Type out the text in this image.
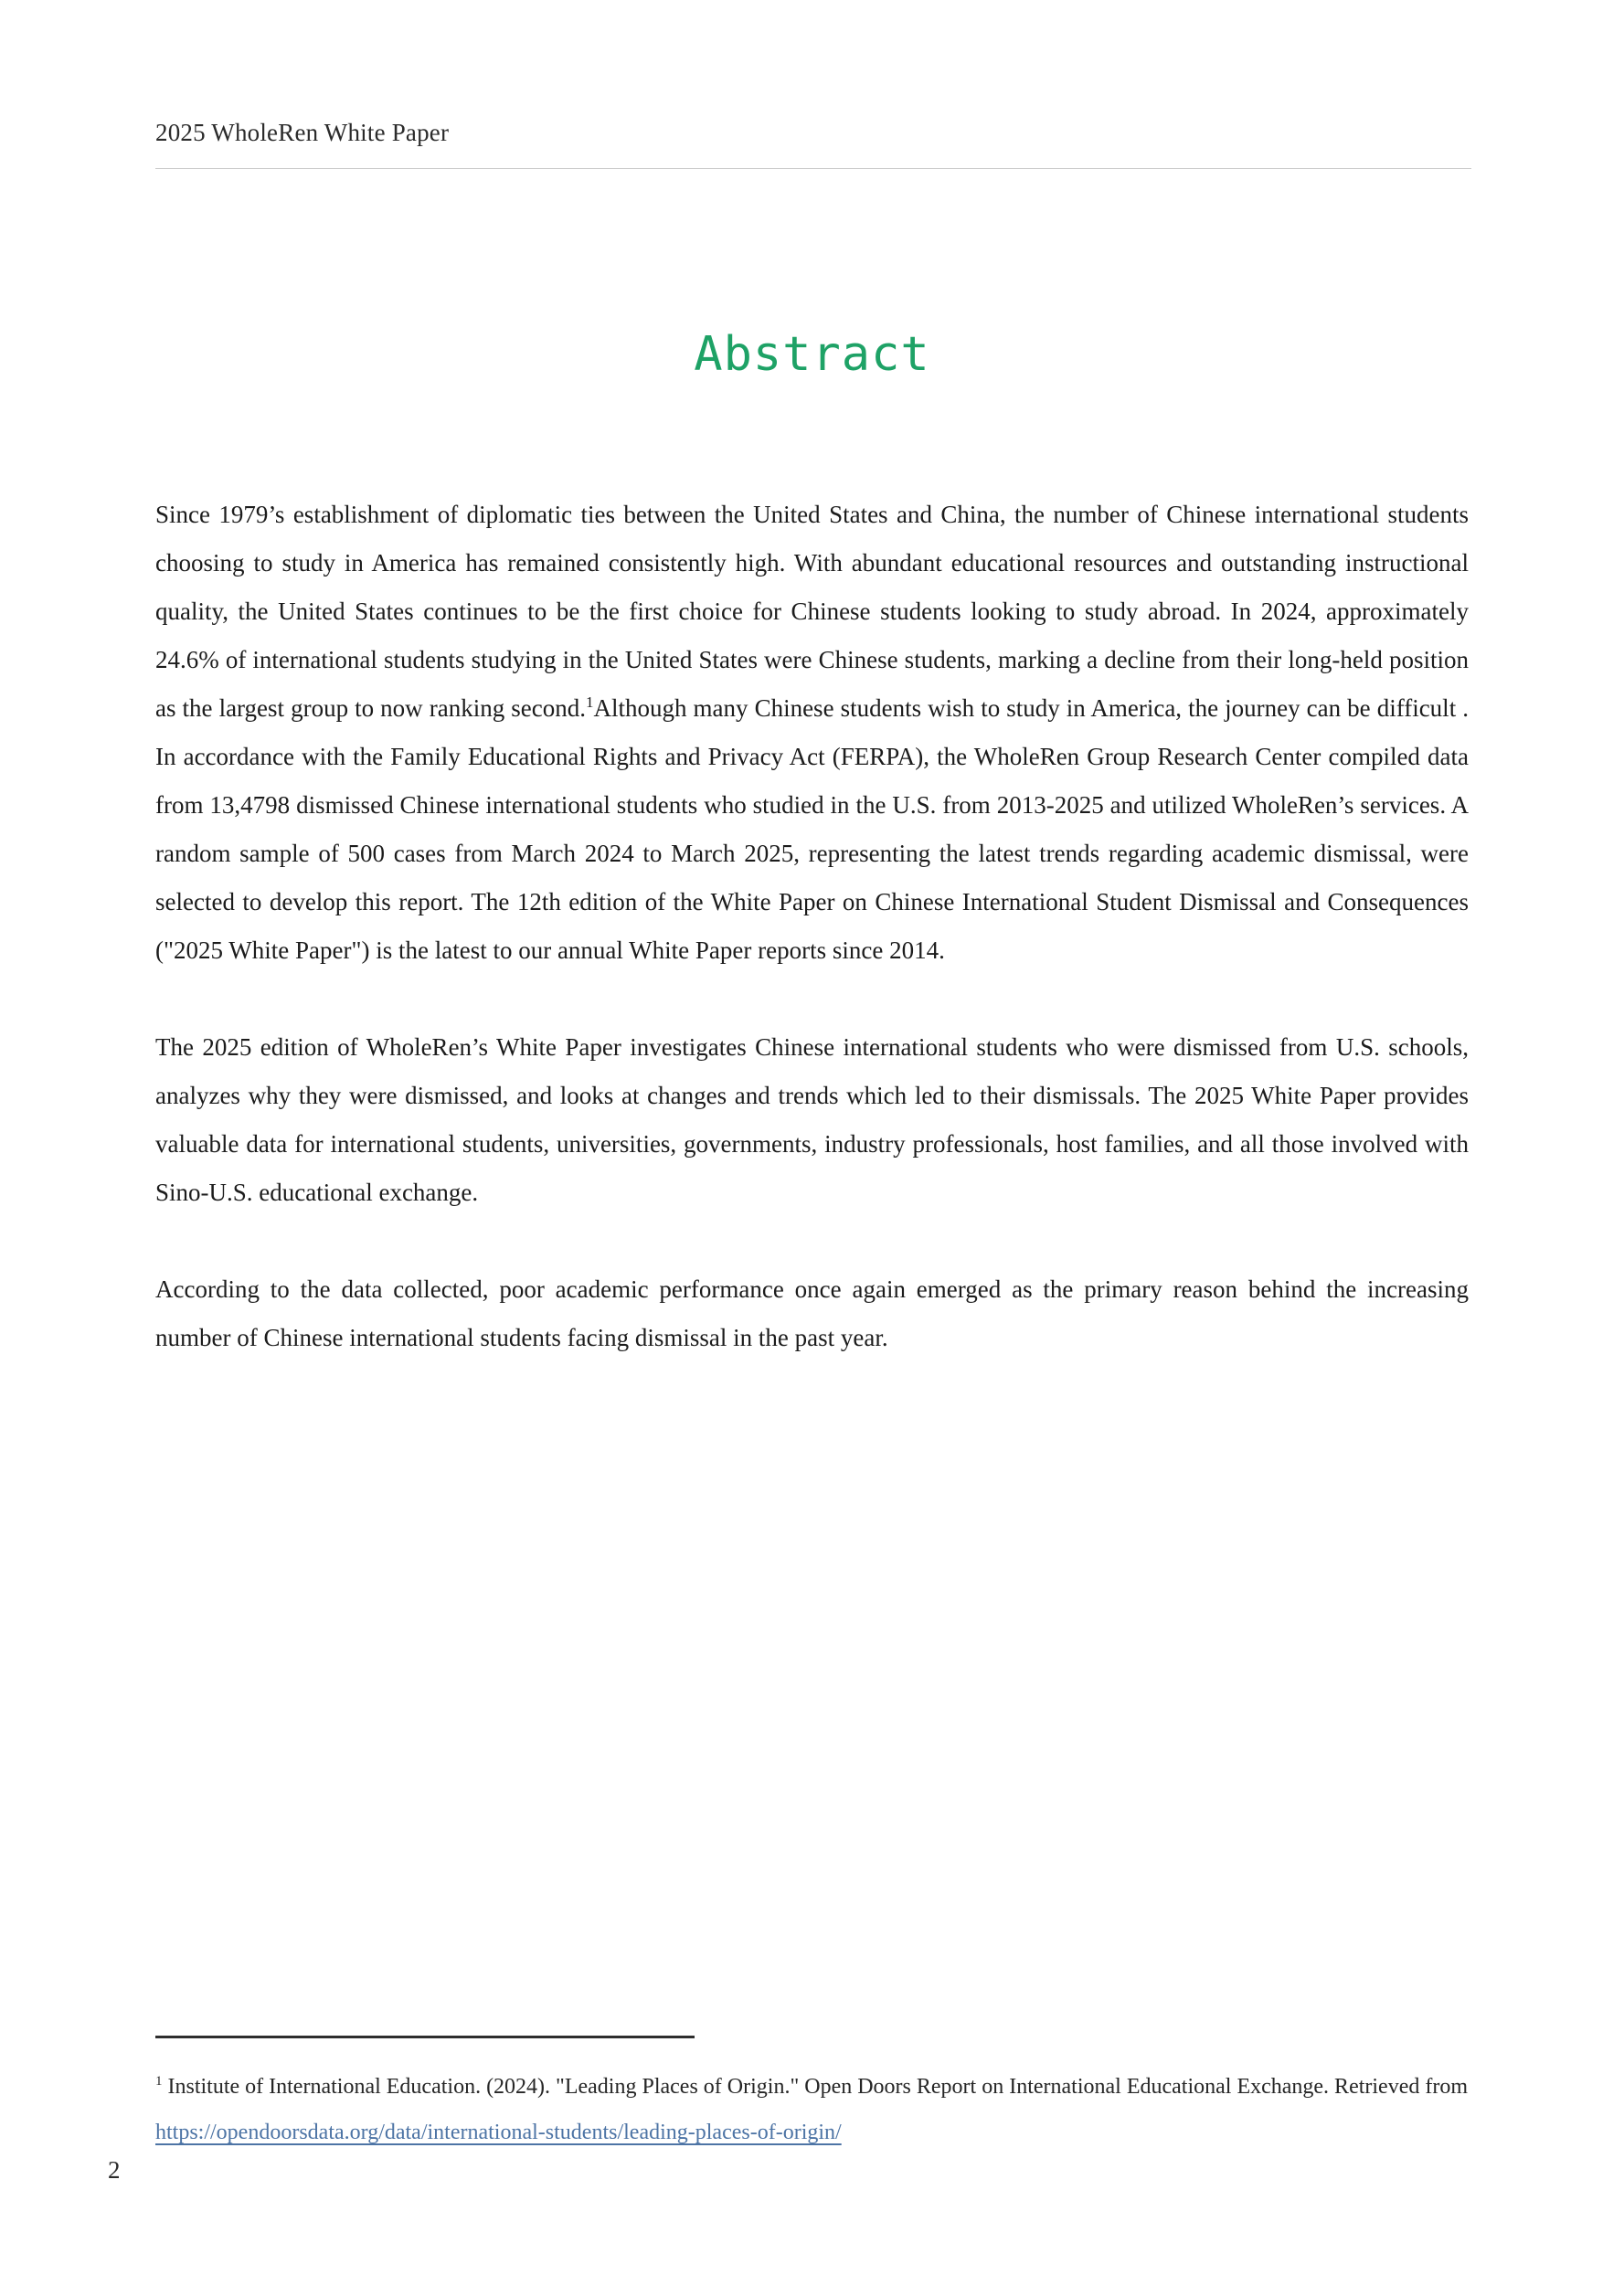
2025 WholeRen White Paper
Abstract

Since 1979’s establishment of diplomatic ties between the United States and China, the number of Chinese international students choosing to study in America has remained consistently high. With abundant educational resources and outstanding instructional quality, the United States continues to be the first choice for Chinese students looking to study abroad. In 2024, approximately 24.6% of international students studying in the United States were Chinese students, marking a decline from their long-held position as the largest group to now ranking second.$^1$Although many Chinese students wish to study in America, the journey can be difficult . In accordance with the Family Educational Rights and Privacy Act (FERPA), the WholeRen Group Research Center compiled data from 13,4798 dismissed Chinese international students who studied in the U.S. from 2013-2025 and utilized WholeRen’s services. A random sample of 500 cases from March 2024 to March 2025, representing the latest trends regarding academic dismissal, were selected to develop this report. The 12th edition of the White Paper on Chinese International Student Dismissal and Consequences ("2025 White Paper") is the latest to our annual White Paper reports since 2014.

The 2025 edition of WholeRen’s White Paper investigates Chinese international students who were dismissed from U.S. schools, analyzes why they were dismissed, and looks at changes and trends which led to their dismissals. The 2025 White Paper provides valuable data for international students, universities, governments, industry professionals, host families, and all those involved with Sino-U.S. educational exchange.

According to the data collected, poor academic performance once again emerged as the primary reason behind the increasing number of Chinese international students facing dismissal in the past year.

$^1$ Institute of International Education. (2024). "Leading Places of Origin." Open Doors Report on International Educational Exchange. Retrieved from https://opendoorsdata.org/data/international-students/leading-places-of-origin/
2
